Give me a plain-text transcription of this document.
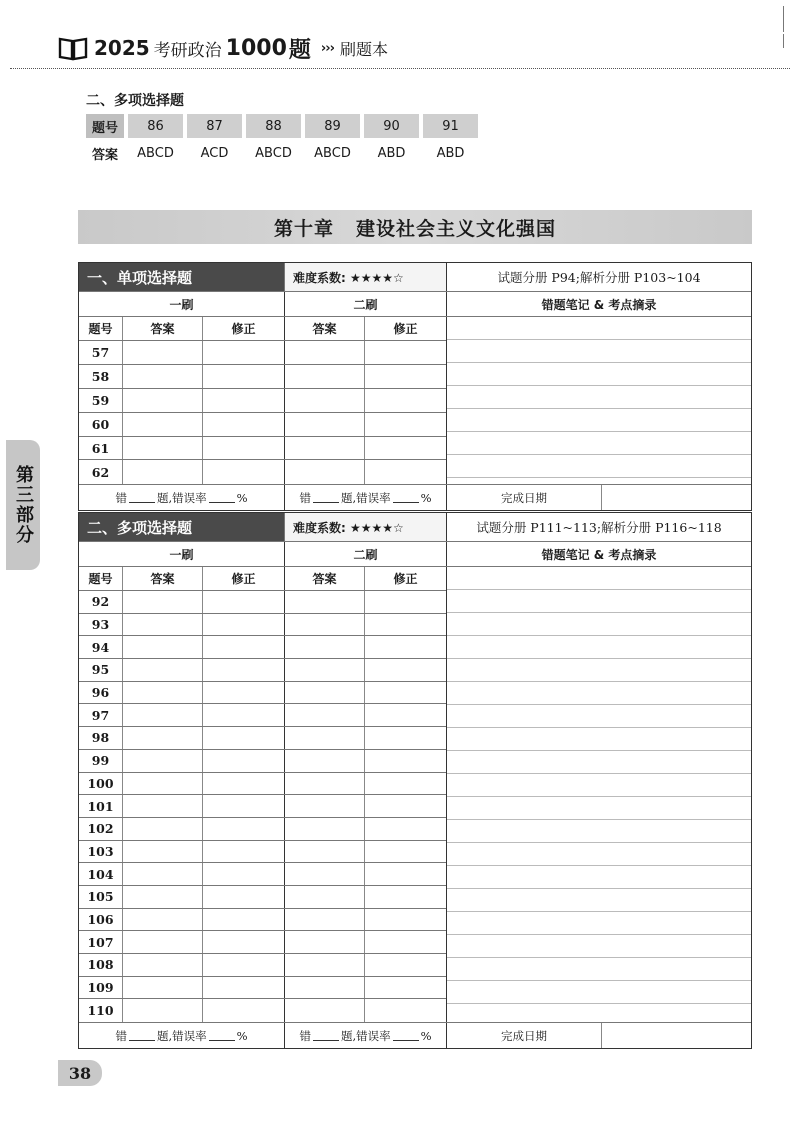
2025 考研政治 1000 题 ››› 刷题本
二、多项选择题
题号	86	87	88	89	90	91
答案	ABCD	ACD	ABCD	ABCD	ABD	ABD
第十章 建设社会主义文化强国
第三部分
一、单项选择题	难度系数: ★★★★☆	试题分册 P94;解析分册 P103~104
一刷	二刷	错题笔记 & 考点摘录
题号	答案	修正	答案	修正
57
58
59
60
61
62
错	题,错误率	%	错	题,错误率	%	完成日期
二、多项选择题	难度系数: ★★★★☆	试题分册 P111~113;解析分册 P116~118
一刷	二刷	错题笔记 & 考点摘录
题号	答案	修正	答案	修正
92
93
94
95
96
97
98
99
100
101
102
103
104
105
106
107
108
109
110
错	题,错误率	%	错	题,错误率	%	完成日期
38
